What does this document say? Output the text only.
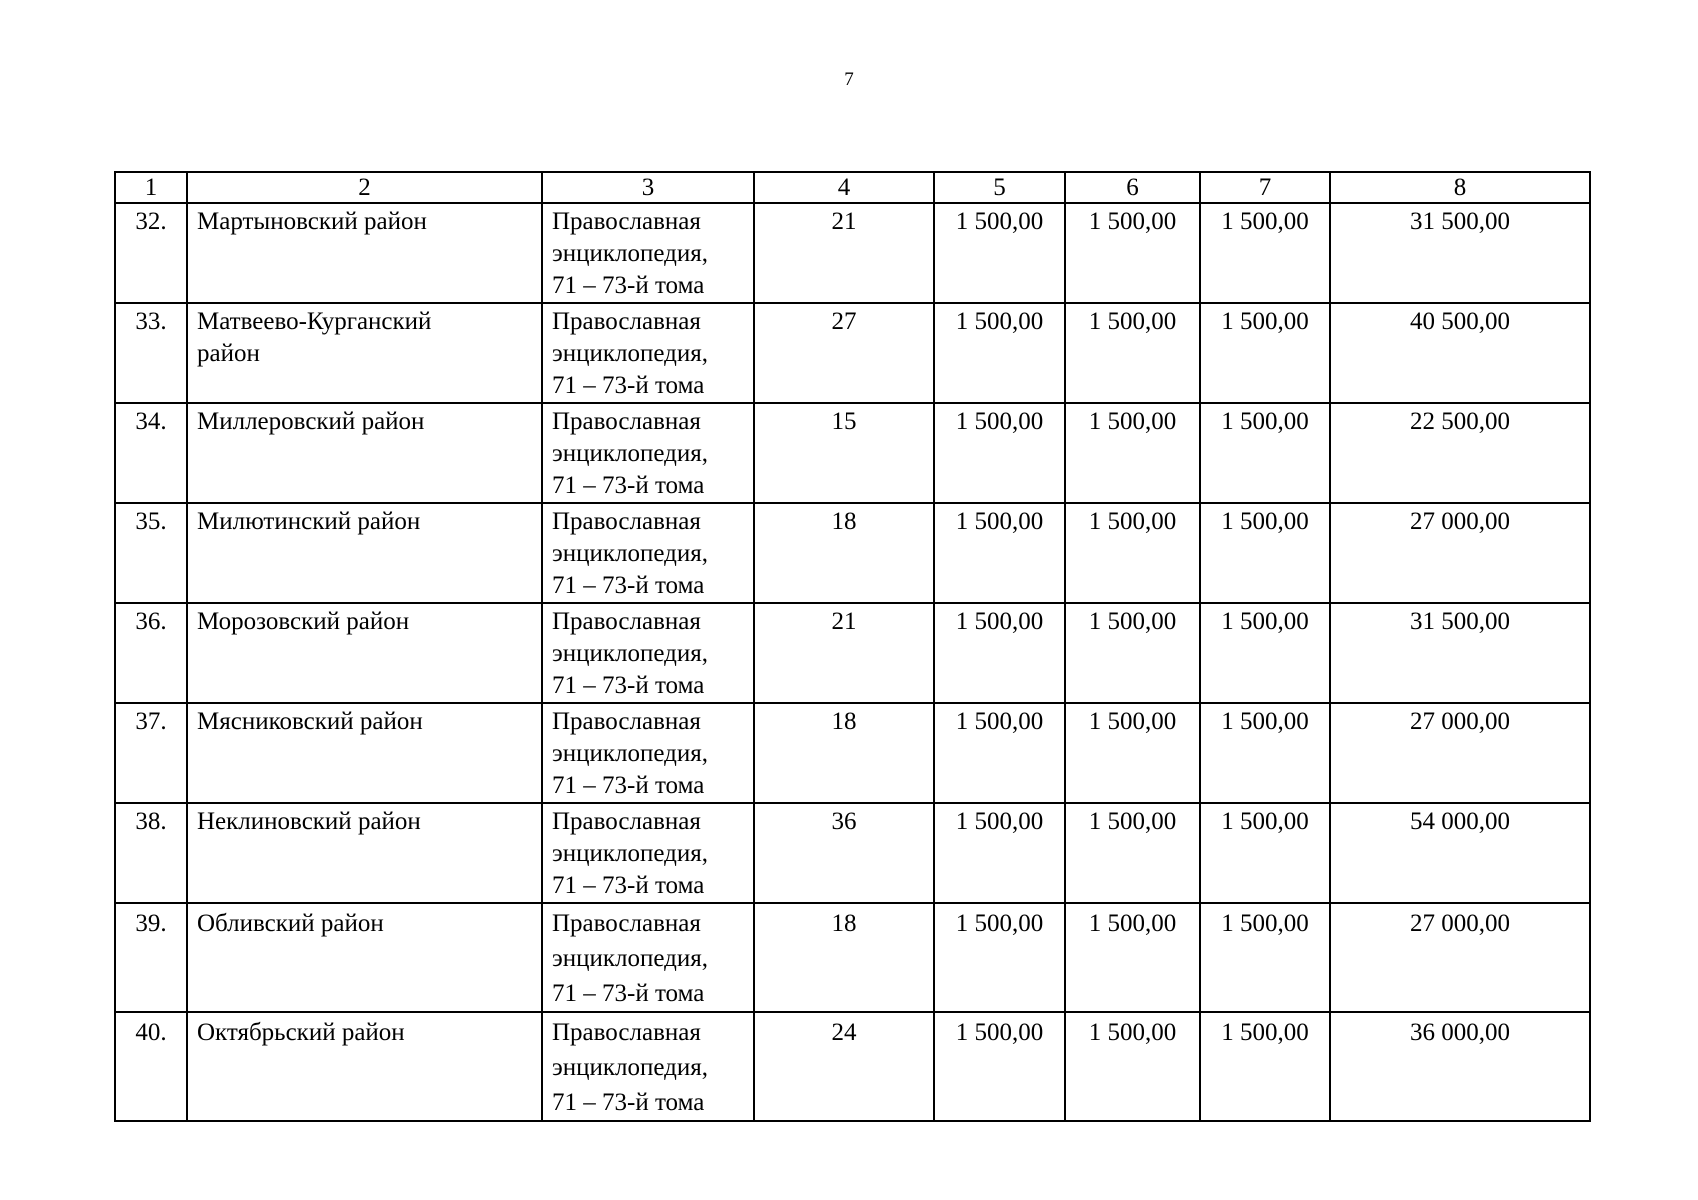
7
1	2	3	4	5	6	7	8
32.	Мартыновский район	Православная
энциклопедия,
71 – 73-й тома	21	1 500,00	1 500,00	1 500,00	31 500,00
33.	Матвеево-Курганский
район	Православная
энциклопедия,
71 – 73-й тома	27	1 500,00	1 500,00	1 500,00	40 500,00
34.	Миллеровский район	Православная
энциклопедия,
71 – 73-й тома	15	1 500,00	1 500,00	1 500,00	22 500,00
35.	Милютинский район	Православная
энциклопедия,
71 – 73-й тома	18	1 500,00	1 500,00	1 500,00	27 000,00
36.	Морозовский район	Православная
энциклопедия,
71 – 73-й тома	21	1 500,00	1 500,00	1 500,00	31 500,00
37.	Мясниковский район	Православная
энциклопедия,
71 – 73-й тома	18	1 500,00	1 500,00	1 500,00	27 000,00
38.	Неклиновский район	Православная
энциклопедия,
71 – 73-й тома	36	1 500,00	1 500,00	1 500,00	54 000,00
39.	Обливский район	Православная
энциклопедия,
71 – 73-й тома	18	1 500,00	1 500,00	1 500,00	27 000,00
40.	Октябрьский район	Православная
энциклопедия,
71 – 73-й тома	24	1 500,00	1 500,00	1 500,00	36 000,00
